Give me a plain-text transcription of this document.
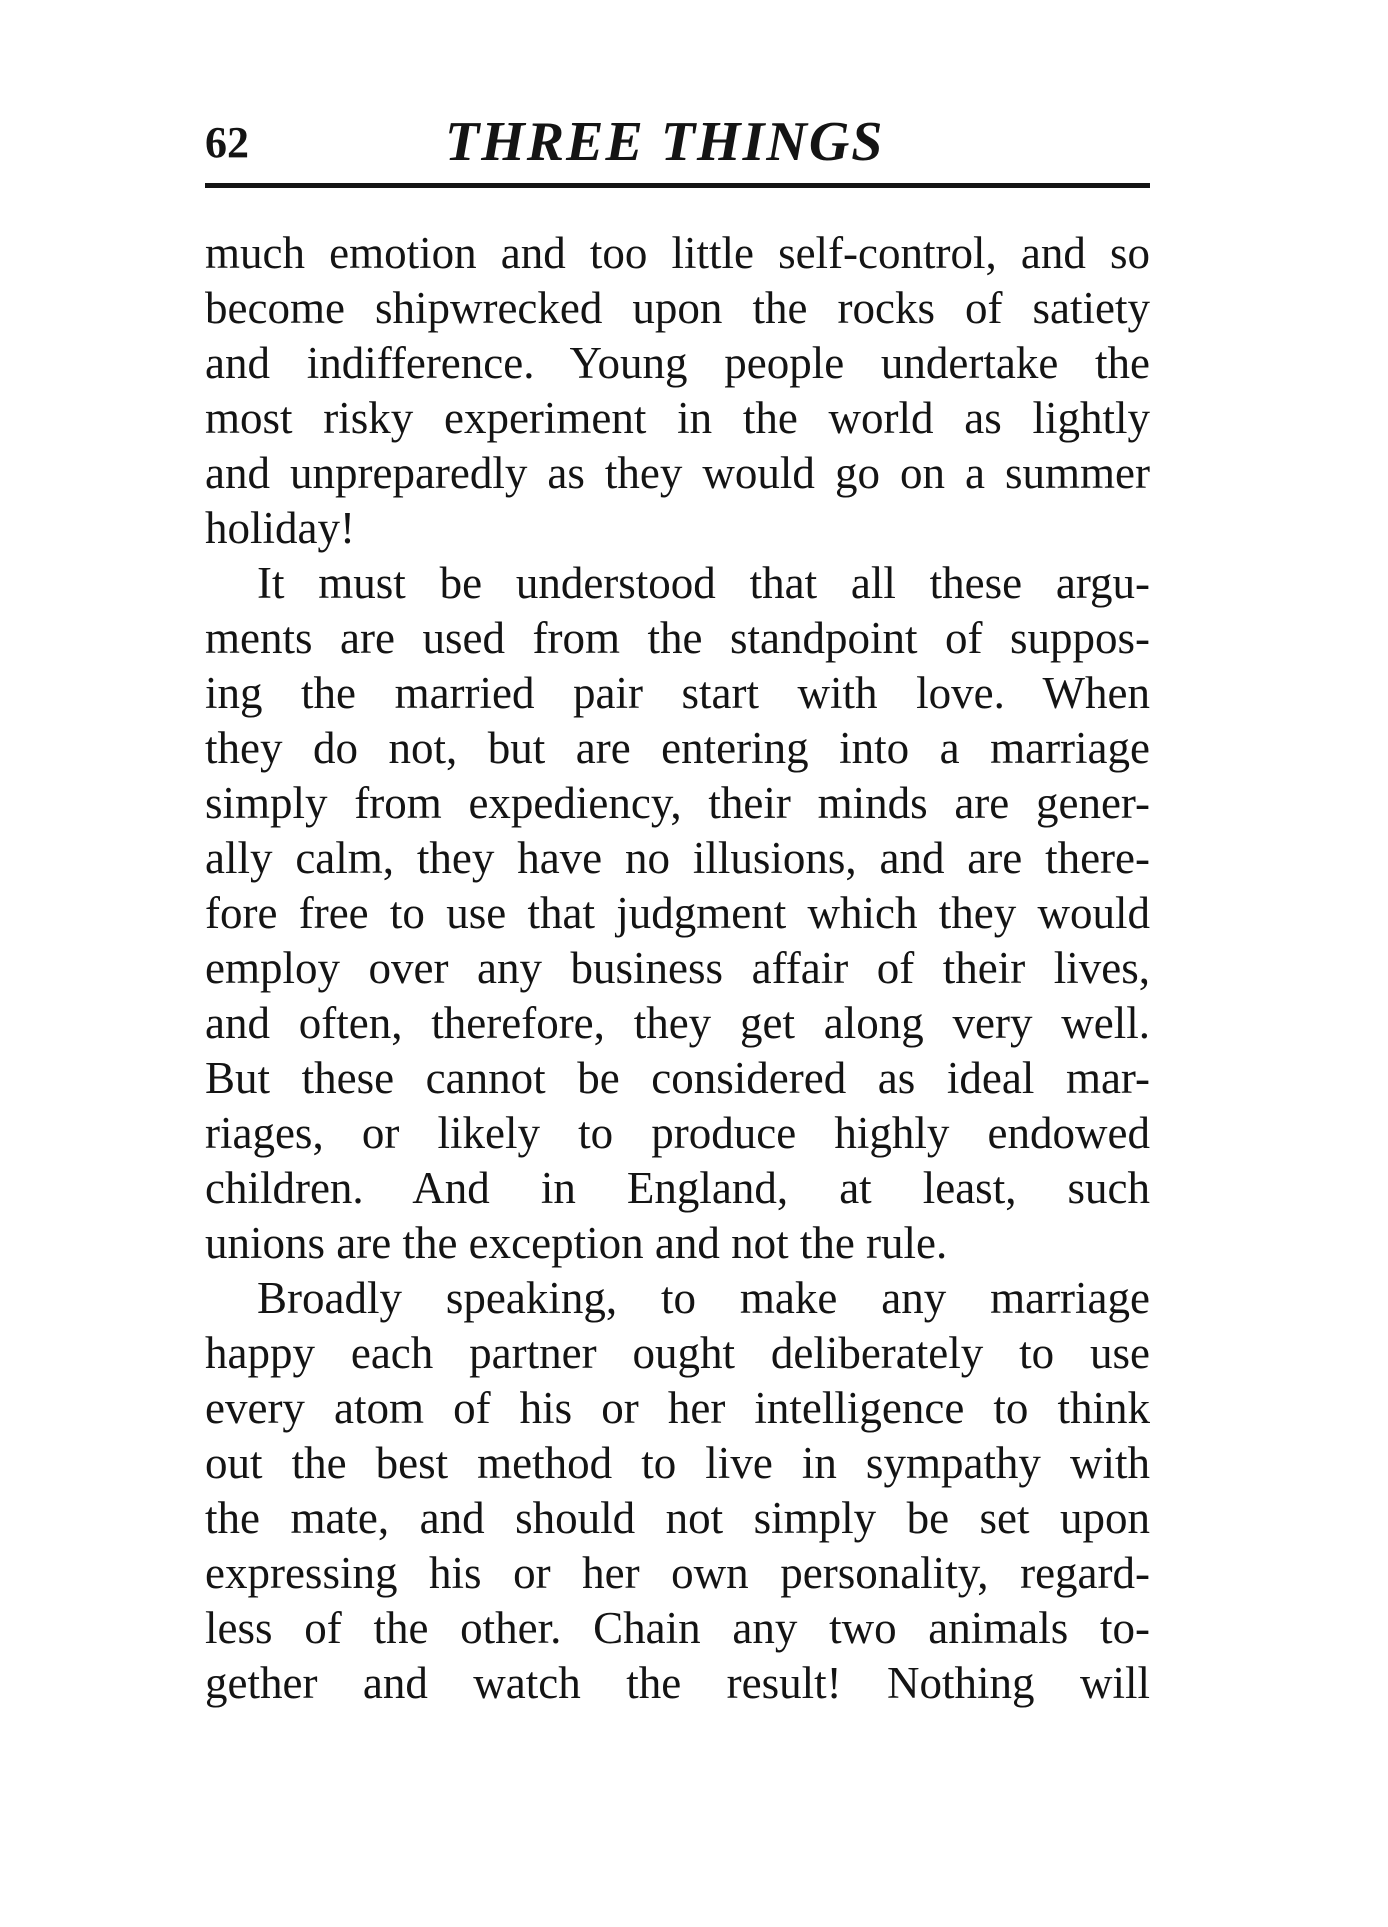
62	THREE THINGS
much emotion and too little self-control, and so
become shipwrecked upon the rocks of satiety
and indifference. Young people undertake the
most risky experiment in the world as lightly
and unpreparedly as they would go on a summer
holiday!
It must be understood that all these argu-
ments are used from the standpoint of suppos-
ing the married pair start with love. When
they do not, but are entering into a marriage
simply from expediency, their minds are gener-
ally calm, they have no illusions, and are there-
fore free to use that judgment which they would
employ over any business affair of their lives,
and often, therefore, they get along very well.
But these cannot be considered as ideal mar-
riages, or likely to produce highly endowed
children. And in England, at least, such
unions are the exception and not the rule.
Broadly speaking, to make any marriage
happy each partner ought deliberately to use
every atom of his or her intelligence to think
out the best method to live in sympathy with
the mate, and should not simply be set upon
expressing his or her own personality, regard-
less of the other. Chain any two animals to-
gether and watch the result! Nothing will
